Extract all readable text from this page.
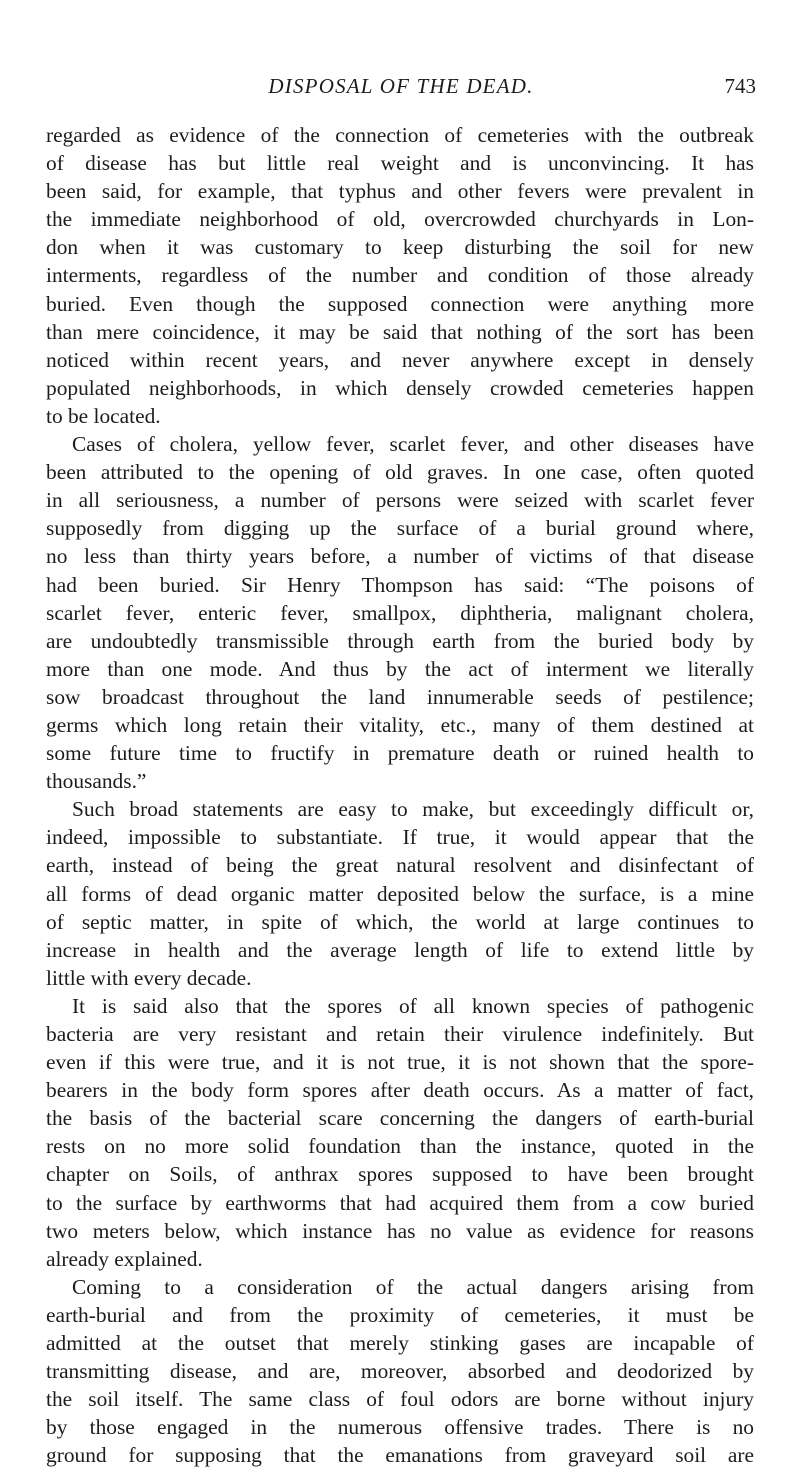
DISPOSAL OF THE DEAD.	743
regarded as evidence of the connection of cemeteries with the outbreak
of disease has but little real weight and is unconvincing. It has
been said, for example, that typhus and other fevers were prevalent in
the immediate neighborhood of old, overcrowded churchyards in Lon-
don when it was customary to keep disturbing the soil for new
interments, regardless of the number and condition of those already
buried. Even though the supposed connection were anything more
than mere coincidence, it may be said that nothing of the sort has been
noticed within recent years, and never anywhere except in densely
populated neighborhoods, in which densely crowded cemeteries happen
to be located.
Cases of cholera, yellow fever, scarlet fever, and other diseases have
been attributed to the opening of old graves. In one case, often quoted
in all seriousness, a number of persons were seized with scarlet fever
supposedly from digging up the surface of a burial ground where,
no less than thirty years before, a number of victims of that disease
had been buried. Sir Henry Thompson has said: “The poisons of
scarlet fever, enteric fever, smallpox, diphtheria, malignant cholera,
are undoubtedly transmissible through earth from the buried body by
more than one mode. And thus by the act of interment we literally
sow broadcast throughout the land innumerable seeds of pestilence;
germs which long retain their vitality, etc., many of them destined at
some future time to fructify in premature death or ruined health to
thousands.”
Such broad statements are easy to make, but exceedingly difficult or,
indeed, impossible to substantiate. If true, it would appear that the
earth, instead of being the great natural resolvent and disinfectant of
all forms of dead organic matter deposited below the surface, is a mine
of septic matter, in spite of which, the world at large continues to
increase in health and the average length of life to extend little by
little with every decade.
It is said also that the spores of all known species of pathogenic
bacteria are very resistant and retain their virulence indefinitely. But
even if this were true, and it is not true, it is not shown that the spore-
bearers in the body form spores after death occurs. As a matter of fact,
the basis of the bacterial scare concerning the dangers of earth-burial
rests on no more solid foundation than the instance, quoted in the
chapter on Soils, of anthrax spores supposed to have been brought
to the surface by earthworms that had acquired them from a cow buried
two meters below, which instance has no value as evidence for reasons
already explained.
Coming to a consideration of the actual dangers arising from
earth-burial and from the proximity of cemeteries, it must be
admitted at the outset that merely stinking gases are incapable of
transmitting disease, and are, moreover, absorbed and deodorized by
the soil itself. The same class of foul odors are borne without injury
by those engaged in the numerous offensive trades. There is no
ground for supposing that the emanations from graveyard soil are
